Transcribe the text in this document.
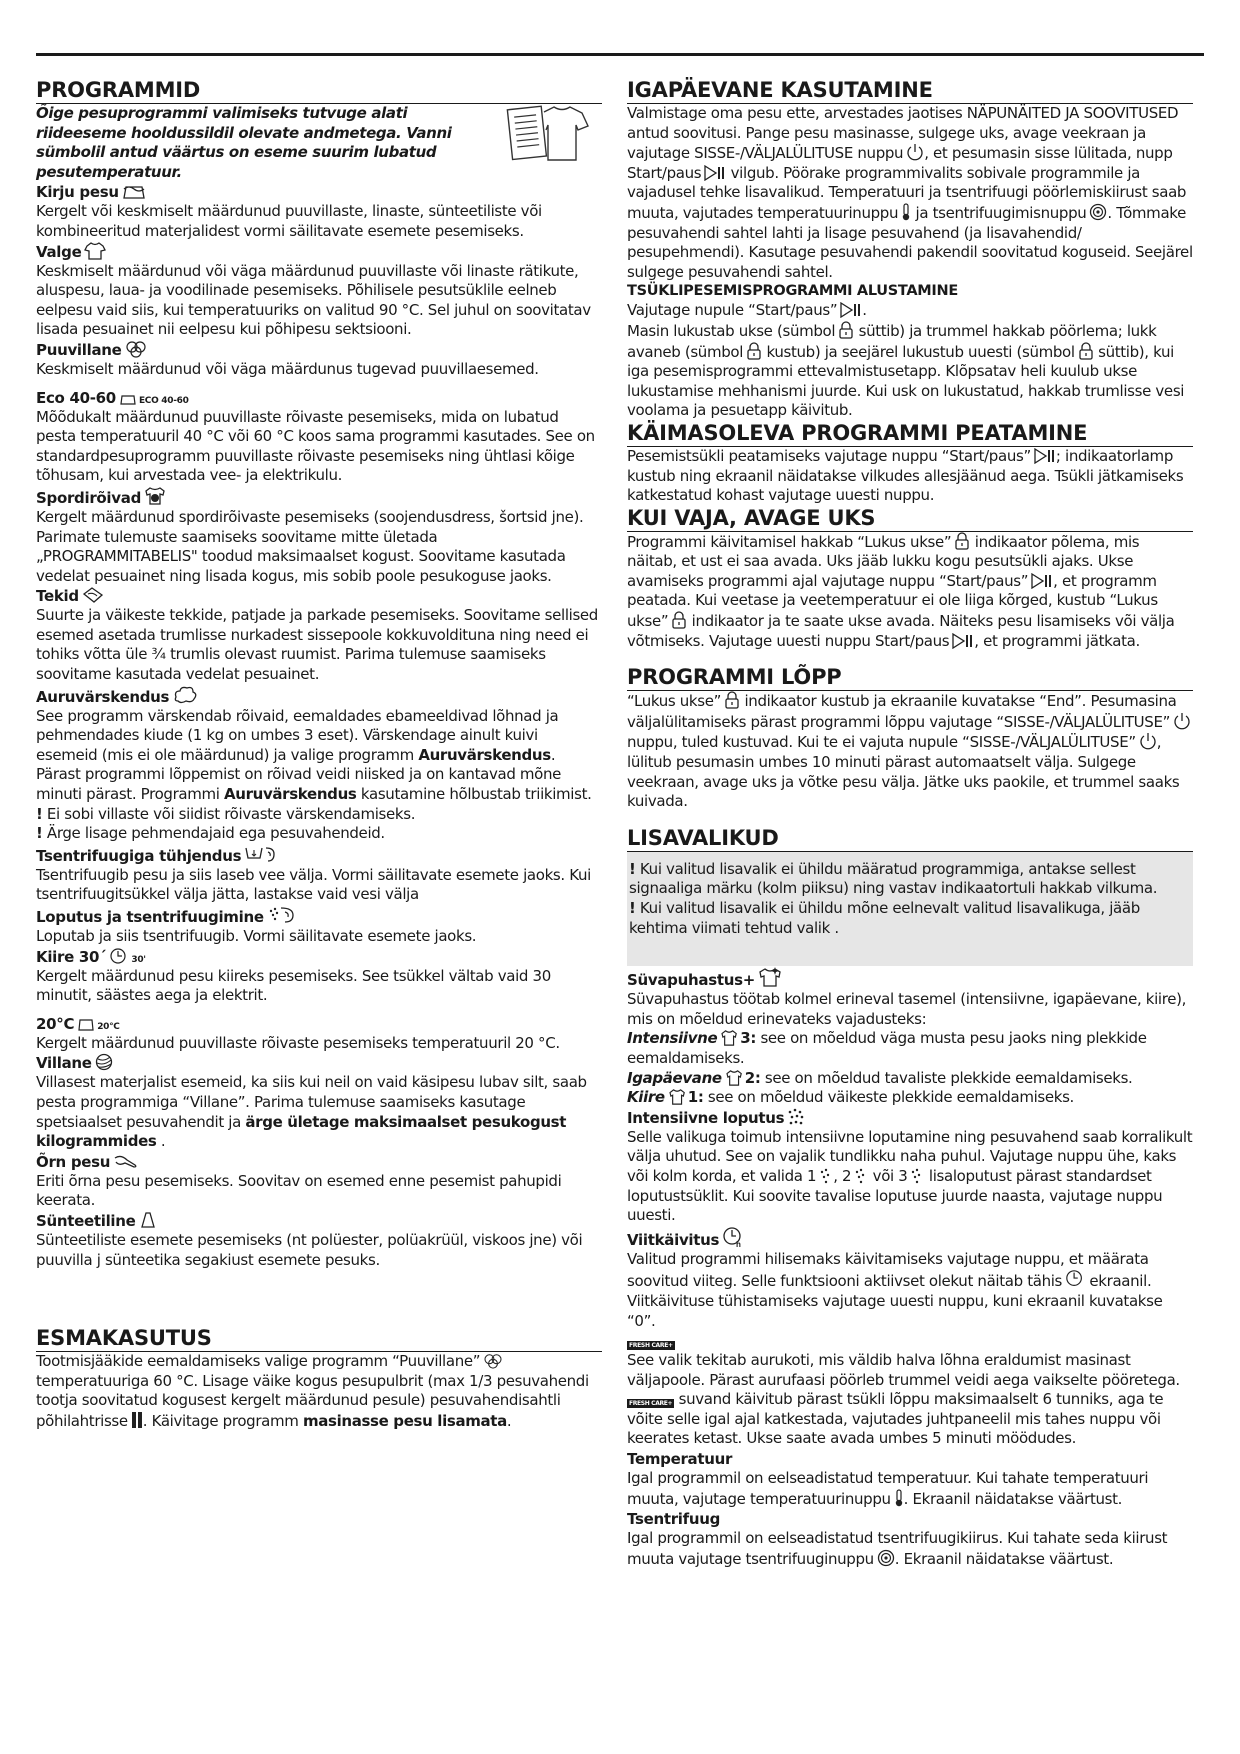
PROGRAMMID

Õige pesuprogrammi valimiseks tutvuge alati riideeseme hooldussildil olevate andmetega. Vanni sümbolil antud väärtus on eseme suurim lubatud pesutemperatuur.

Kirju pesu

Kergelt või keskmiselt määrdunud puuvillaste, linaste, sünteetiliste või kombineeritud materjalidest vormi säilitavate esemete pesemiseks.

Valge

Keskmiselt määrdunud või väga määrdunud puuvillaste või linaste rätikute, aluspesu, laua- ja voodilinade pesemiseks. Põhilisele pesutsüklile eelneb eelpesu vaid siis, kui temperatuuriks on valitud 90 °C. Sel juhul on soovitatav lisada pesuainet nii eelpesu kui põhipesu sektsiooni.

Puuvillane

Keskmiselt määrdunud või väga määrdunus tugevad puuvillaesemed.

Eco 40-60	ECO 40-60

Mõõdukalt määrdunud puuvillaste rõivaste pesemiseks, mida on lubatud pesta temperatuuril 40 °C või 60 °C koos sama programmi kasutades. See on standardpesuprogramm puuvillaste rõivaste pesemiseks ning ühtlasi kõige tõhusam, kui arvestada vee- ja elektrikulu.

Spordirõivad

Kergelt määrdunud spordirõivaste pesemiseks (soojendusdress, šortsid jne). Parimate tulemuste saamiseks soovitame mitte ületada „PROGRAMMITABELIS" toodud maksimaalset kogust. Soovitame kasutada vedelat pesuainet ning lisada kogus, mis sobib poole pesukoguse jaoks.

Tekid

Suurte ja väikeste tekkide, patjade ja parkade pesemiseks. Soovitame sellised esemed asetada trumlisse nurkadest sissepoole kokkuvolditunа ning need ei tohiks võtta üle ¾ trumlis olevast ruumist. Parima tulemuse saamiseks soovitame kasutada vedelat pesuainet.

Auruvärskendus

See programm värskendab rõivaid, eemaldades ebameeldivad lõhnad ja pehmendades kiude (1 kg on umbes 3 eset). Värskendage ainult kuivi esemeid (mis ei ole määrdunud) ja valige programm Auruvärskendus. Pärast programmi lõppemist on rõivad veidi niisked ja on kantavad mõne minuti pärast. Programmi Auruvärskendus kasutamine hõlbustab triikimist.

! Ei sobi villaste või siidist rõivaste värskendamiseks.

! Ärge lisage pehmendajaid ega pesuvahendeid.

Tsentrifuugiga tühjendus

Tsentrifuugib pesu ja siis laseb vee välja. Vormi säilitavate esemete jaoks. Kui tsentrifuugitsükkel välja jätta, lastakse vaid vesi välja

Loputus ja tsentrifuugimine

Loputab ja siis tsentrifuugib. Vormi säilitavate esemete jaoks.

Kiire 30´	30'

Kergelt määrdunud pesu kiireks pesemiseks. See tsükkel vältab vaid 30 minutit, säästes aega ja elektrit.

20°C	20°C

Kergelt määrdunud puuvillaste rõivaste pesemiseks temperatuuril 20 °C.

Villane

Villasest materjalist esemeid, ka siis kui neil on vaid käsipesu lubav silt, saab pesta programmiga “Villane”. Parima tulemuse saamiseks kasutage spetsiaalset pesuvahendit ja ärge ületage maksimaalset pesukogust kilogrammides .

Õrn pesu

Eriti õrna pesu pesemiseks. Soovitav on esemed enne pesemist pahupidi keerata.

Sünteetiline

Sünteetiliste esemete pesemiseks (nt polüester, polüakrüül, viskoos jne) või puuvilla j sünteetika segakiust esemete pesuks.

ESMAKASUTUS

Tootmisjääkide eemaldamiseks valige programm “Puuvillane”
temperatuuriga 60 °C. Lisage väike kogus pesupulbrit (max 1/3 pesuvahendi tootja soovitatud kogusest kergelt määrdunud pesule) pesuvahendisahtli põhilahtrisse . Käivitage programm masinasse pesu lisamata.

IGAPÄEVANE KASUTAMINE

Valmistage oma pesu ette, arvestades jaotises NÄPUNÄITED JA SOOVITUSED antud soovitusi. Pange pesu masinasse, sulgege uks, avage veekraan ja vajutage SISSE-/VÄLJALÜLITUSE nuppu , et pesumasin sisse lülitada, nupp Start/paus
vilgub. Pöörake programmivalits sobivale programmile ja vajadusel tehke lisavalikud. Temperatuuri ja tsentrifuugi pöörlemiskiirust saab muuta, vajutades temperatuurinuppu
ja tsentrifuugimisnuppu . Tõmmake pesuvahendi sahtel lahti ja lisage pesuvahend (ja lisavahendid/ pesupehmendi). Kasutage pesuvahendi pakendil soovitatud koguseid. Seejärel sulgege pesuvahendi sahtel.

TSÜKLIPESEMISPROGRAMMI ALUSTAMINE

Vajutage nupule “Start/paus” .

Masin lukustab ukse (sümbol
süttib) ja trummel hakkab pöörlema; lukk avaneb (sümbol
kustub) ja seejärel lukustub uuesti (sümbol
süttib), kui iga pesemisprogrammi ettevalmistusetapp. Klõpsatav heli kuulub ukse lukustamise mehhanismi juurde. Kui usk on lukustatud, hakkab trumlisse vesi voolama ja pesuetapp käivitub.

KÄIMASOLEVA PROGRAMMI PEATAMINE

Pesemistsükli peatamiseks vajutage nuppu “Start/paus” ; indikaatorlamp kustub ning ekraanil näidatakse vilkudes allesjäänud aega. Tsükli jätkamiseks katkestatud kohast vajutage uuesti nuppu.

KUI VAJA, AVAGE UKS

Programmi käivitamisel hakkab “Lukus ukse”
indikaator põlema, mis näitab, et ust ei saa avada. Uks jääb lukku kogu pesutsükli ajaks. Ukse avamiseks programmi ajal vajutage nuppu “Start/paus” , et programm peatada. Kui veetase ja veetemperatuur ei ole liiga kõrged, kustub “Lukus ukse”
indikaator ja te saate ukse avada. Näiteks pesu lisamiseks või välja võtmiseks. Vajutage uuesti nuppu Start/paus , et programmi jätkata.

PROGRAMMI LÕPP

“Lukus ukse”
indikaator kustub ja ekraanile kuvatakse “End”. Pesumasina väljalülitamiseks pärast programmi lõppu vajutage “SISSE-/VÄLJALÜLITUSE”
nuppu, tuled kustuvad. Kui te ei vajuta nupule “SISSE-/VÄLJALÜLITUSE” , lülitub pesumasin umbes 10 minuti pärast automaatselt välja. Sulgege veekraan, avage uks ja võtke pesu välja. Jätke uks paokile, et trummel saaks kuivada.

LISAVALIKUD

! Kui valitud lisavalik ei ühildu määratud programmiga, antakse sellest signaaliga märku (kolm piiksu) ning vastav indikaatortuli hakkab vilkuma.

! Kui valitud lisavalik ei ühildu mõne eelnevalt valitud lisavalikuga, jääb kehtima viimati tehtud valik .

Süvapuhastus+

Süvapuhastus töötab kolmel erineval tasemel (intensiivne, igapäevane, kiire), mis on mõeldud erinevateks vajadusteks:

Intensiivne 3: see on mõeldud väga musta pesu jaoks ning plekkide eemaldamiseks.

Igapäevane 2: see on mõeldud tavaliste plekkide eemaldamiseks.

Kiire 1: see on mõeldud väikeste plekkide eemaldamiseks.

Intensiivne loputus

Selle valikuga toimub intensiivne loputamine ning pesuvahend saab korralikult välja uhutud. See on vajalik tundlikku naha puhul. Vajutage nuppu ühe, kaks või kolm korda, et valida 1 , 2
või 3
lisaloputust pärast standardset loputustsüklit. Kui soovite tavalise loputuse juurde naasta, vajutage nuppu uuesti.

Viitkäivitus h

Valitud programmi hilisemaks käivitamiseks vajutage nuppu, et määrata soovitud viiteg. Selle funktsiooni aktiivset olekut näitab tähis
ekraanil. Viitkäivituse tühistamiseks vajutage uuesti nuppu, kuni ekraanil kuvatakse “0”.

FRESH CARE+

See valik tekitab aurukoti, mis väldib halva lõhna eraldumist masinast väljapoole. Pärast aurufaasi pöörleb trummel veidi aega vaikselte pööretega. FRESH CARE+ suvand käivitub pärast tsükli lõppu maksimaalselt 6 tunniks, aga te võite selle igal ajal katkestada, vajutades juhtpaneelil mis tahes nuppu või keerates ketast. Ukse saate avada umbes 5 minuti möödudes.

Temperatuur

Igal programmil on eelseadistatud temperatuur. Kui tahate temperatuuri muuta, vajutage temperatuurinuppu . Ekraanil näidatakse väärtust.

Tsentrifuug

Igal programmil on eelseadistatud tsentrifuugikiirus. Kui tahate seda kiirust muuta vajutage tsentrifuuginuppu . Ekraanil näidatakse väärtust.
